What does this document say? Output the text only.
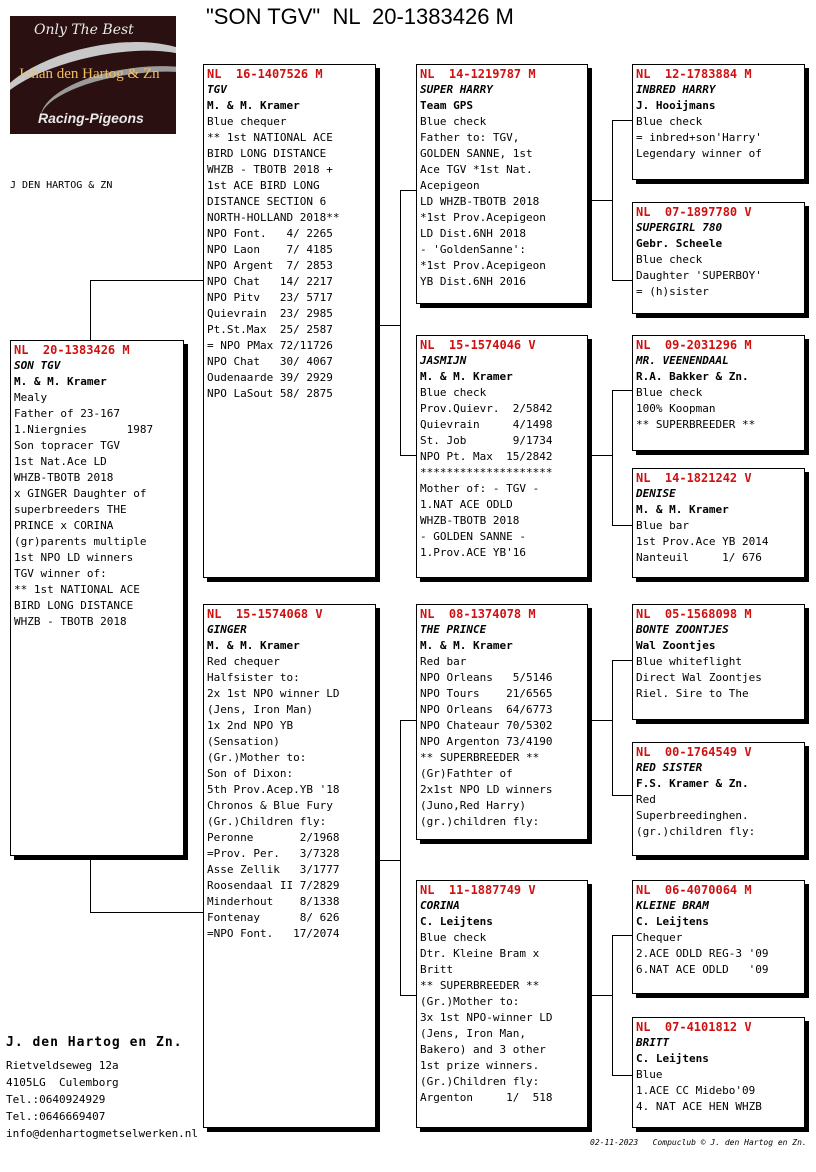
"SON TGV"  NL  20-1383426 M
Only The Best
Johan den Hartog & Zn
Racing-Pigeons
J DEN HARTOG & ZN
NL  20-1383426 M
SON TGV
M. & M. Kramer
Mealy
Father of 23-167
1.Niergnies      1987
Son topracer TGV
1st Nat.Ace LD
WHZB-TBOTB 2018
x GINGER Daughter of
superbreeders THE
PRINCE x CORINA
(gr)parents multiple
1st NPO LD winners
TGV winner of:
** 1st NATIONAL ACE
BIRD LONG DISTANCE
WHZB - TBOTB 2018
NL  16-1407526 M
TGV
M. & M. Kramer
Blue chequer
** 1st NATIONAL ACE
BIRD LONG DISTANCE
WHZB - TBOTB 2018 +
1st ACE BIRD LONG
DISTANCE SECTION 6
NORTH-HOLLAND 2018**
NPO Font.   4/ 2265
NPO Laon    7/ 4185
NPO Argent  7/ 2853
NPO Chat   14/ 2217
NPO Pitv   23/ 5717
Quievrain  23/ 2985
Pt.St.Max  25/ 2587
= NPO PMax 72/11726
NPO Chat   30/ 4067
Oudenaarde 39/ 2929
NPO LaSout 58/ 2875
NL  15-1574068 V
GINGER
M. & M. Kramer
Red chequer
Halfsister to:
2x 1st NPO winner LD
(Jens, Iron Man)
1x 2nd NPO YB
(Sensation)
(Gr.)Mother to:
Son of Dixon:
5th Prov.Acep.YB '18
Chronos & Blue Fury
(Gr.)Children fly:
Peronne       2/1968
=Prov. Per.   3/7328
Asse Zellik   3/1777
Roosendaal II 7/2829
Minderhout    8/1338
Fontenay      8/ 626
=NPO Font.   17/2074
NL  14-1219787 M
SUPER HARRY
Team GPS
Blue check
Father to: TGV,
GOLDEN SANNE, 1st
Ace TGV *1st Nat.
Acepigeon
LD WHZB-TBOTB 2018
*1st Prov.Acepigeon
LD Dist.6NH 2018
- 'GoldenSanne':
*1st Prov.Acepigeon
YB Dist.6NH 2016
NL  15-1574046 V
JASMIJN
M. & M. Kramer
Blue check
Prov.Quievr.  2/5842
Quievrain     4/1498
St. Job       9/1734
NPO Pt. Max  15/2842
********************
Mother of: - TGV -
1.NAT ACE ODLD
WHZB-TBOTB 2018
- GOLDEN SANNE -
1.Prov.ACE YB'16
NL  08-1374078 M
THE PRINCE
M. & M. Kramer
Red bar
NPO Orleans   5/5146
NPO Tours    21/6565
NPO Orleans  64/6773
NPO Chateaur 70/5302
NPO Argenton 73/4190
** SUPERBREEDER **
(Gr)Fathter of
2x1st NPO LD winners
(Juno,Red Harry)
(gr.)children fly:
NL  11-1887749 V
CORINA
C. Leijtens
Blue check
Dtr. Kleine Bram x
Britt
** SUPERBREEDER **
(Gr.)Mother to:
3x 1st NPO-winner LD
(Jens, Iron Man,
Bakero) and 3 other
1st prize winners.
(Gr.)Children fly:
Argenton     1/  518
NL  12-1783884 M
INBRED HARRY
J. Hooijmans
Blue check
= inbred+son'Harry'
Legendary winner of
NL  07-1897780 V
SUPERGIRL 780
Gebr. Scheele
Blue check
Daughter 'SUPERBOY'
= (h)sister
NL  09-2031296 M
MR. VEENENDAAL
R.A. Bakker & Zn.
Blue check
100% Koopman
** SUPERBREEDER **
NL  14-1821242 V
DENISE
M. & M. Kramer
Blue bar
1st Prov.Ace YB 2014
Nanteuil     1/ 676
NL  05-1568098 M
BONTE ZOONTJES
Wal Zoontjes
Blue whiteflight
Direct Wal Zoontjes
Riel. Sire to The
NL  00-1764549 V
RED SISTER
F.S. Kramer & Zn.
Red
Superbreedinghen.
(gr.)children fly:
NL  06-4070064 M
KLEINE BRAM
C. Leijtens
Chequer
2.ACE ODLD REG-3 '09
6.NAT ACE ODLD   '09
NL  07-4101812 V
BRITT
C. Leijtens
Blue
1.ACE CC Midebo'09
4. NAT ACE HEN WHZB
J. den Hartog en Zn.
Rietveldseweg 12a
4105LG  Culemborg
Tel.:0640924929
Tel.:0646669407
info@denhartogmetselwerken.nl
02-11-2023   Compuclub © J. den Hartog en Zn.
